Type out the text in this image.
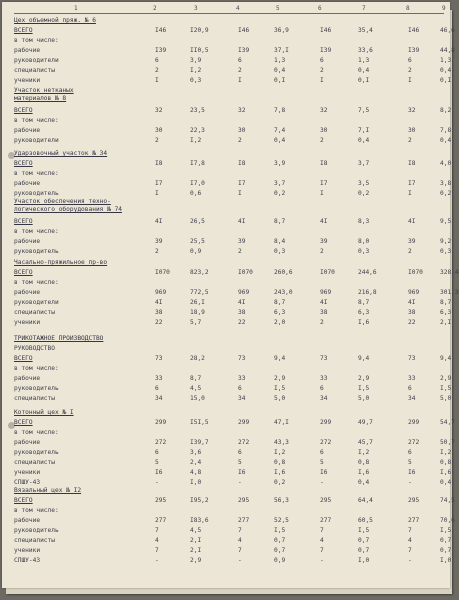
1	2	3	4	5	6	7	8	9
Цех объемной пряж. № 6
ВСЕГО	I46	I20,9	I46	36,9	I46	35,4	I46	46,6
в том числе:
рабочие	I39	II0,5	I39	37,I	I39	33,6	I39	44,8
руководители	6	3,9	6	1,3	6	1,3	6	1,3
специалисты	2	I,2	2	0,4	2	0,4	2	0,4
ученики	I	0,3	I	0,I	I	0,I	I	0,I
Участок нетканых
материалов № 8
ВСЕГО	32	23,5	32	7,8	32	7,5	32	8,2
в том числе:
рабочие	30	22,3	30	7,4	30	7,I	30	7,8
руководители	2	I,2	2	0,4	2	0,4	2	0,4
Ударзовочный участок № 34
ВСЕГО	I8	I7,8	I8	3,9	I8	3,7	I8	4,0
в том числе:
рабочие	I7	I7,0	I7	3,7	I7	3,5	I7	3,8
руководитель	I	0,6	I	0,2	I	0,2	I	0,2
Участок обеспечения техно-
логического оборудования № 74
ВСЕГО	4I	26,5	4I	8,7	4I	8,3	4I	9,5
в том числе:
рабочие	39	25,5	39	8,4	39	8,0	39	9,2
руководитель	2	0,9	2	0,3	2	0,3	2	0,3
Часально-пряжильное пр-во
ВСЕГО	I070	823,2	I070	260,6	I070	244,6	I070	328,4
в том числе:
рабочие	969	772,5	969	243,0	969	216,8	969	301,3
руководители	4I	26,I	4I	8,7	4I	8,7	4I	8,7
специалисты	38	18,9	38	6,3	38	6,3	38	6,3
ученики	22	5,7	22	2,0	2	I,6	22	2,I
ТРИКОТАЖНОЕ ПРОИЗВОДСТВО
РУКОВОДСТВО
ВСЕГО	73	28,2	73	9,4	73	9,4	73	9,4
в том числе:
рабочие	33	8,7	33	2,9	33	2,9	33	2,9
руководитель	6	4,5	6	I,5	6	I,5	6	I,5
специалисты	34	15,0	34	5,0	34	5,0	34	5,0
Котонный цех № I
ВСЕГО	299	I5I,5	299	47,I	299	49,7	299	54,7
в том числе:
рабочие	272	I39,7	272	43,3	272	45,7	272	50,7
руководитель	6	3,6	6	I,2	6	I,2	6	I,2
специалисты	5	2,4	5	0,8	5	0,8	5	0,8
ученики	I6	4,8	I6	I,6	I6	I,6	I6	I,6
СПШУ-43	-	I,0	-	0,2	-	0,4	-	0,4
Вязальный цех № I2
ВСЕГО	295	I95,2	295	56,3	295	64,4	295	74,5
в том числе:
рабочие	277	I83,6	277	52,5	277	60,5	277	70,6
руководитель	7	4,5	7	I,5	7	I,5	7	I,5
специалисты	4	2,I	4	0,7	4	0,7	4	0,7
ученики	7	2,I	7	0,7	7	0,7	7	0,7
СПШУ-43	-	2,9	-	0,9	-	I,0	-	I,0
